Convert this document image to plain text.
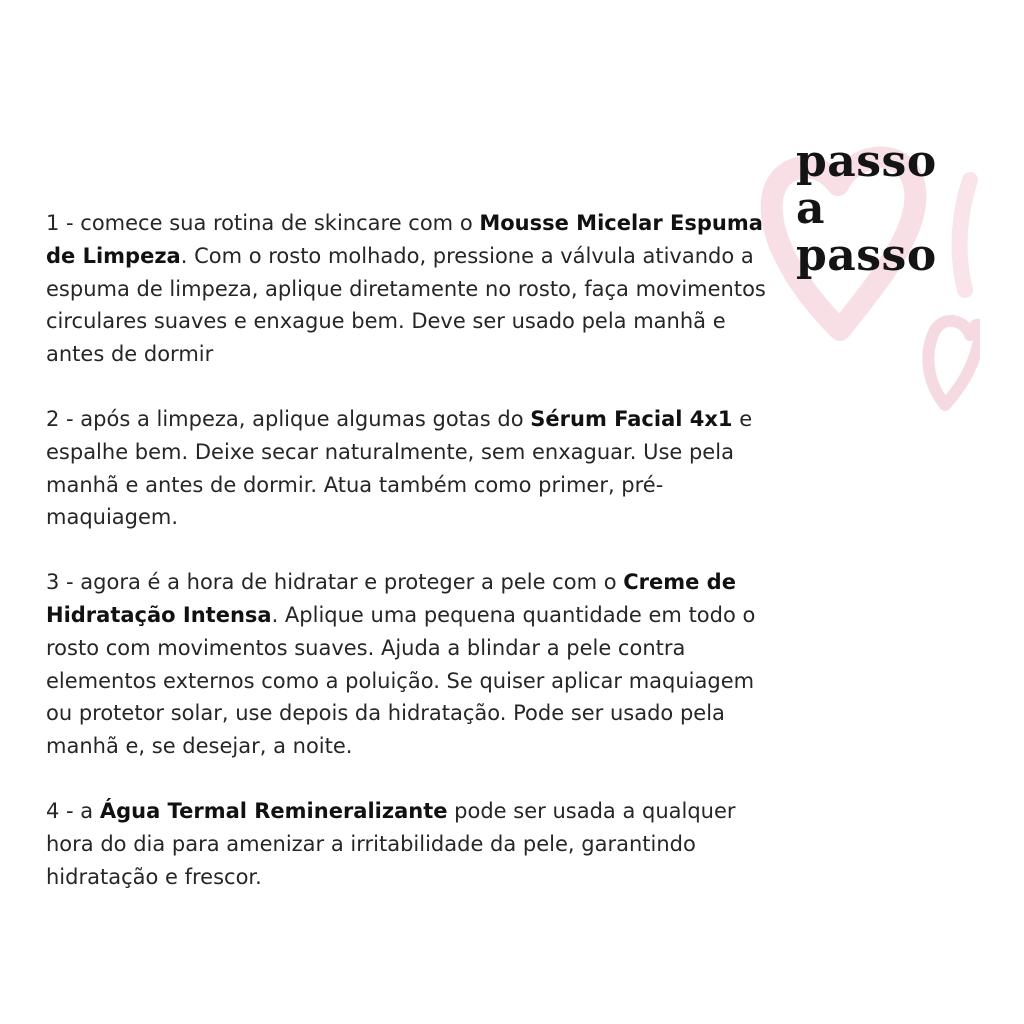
passo
a
passo

1 - comece sua rotina de skincare com o Mousse Micelar Espuma de Limpeza. Com o rosto molhado, pressione a válvula ativando a espuma de limpeza, aplique diretamente no rosto, faça movimentos circulares suaves e enxague bem. Deve ser usado pela manhã e antes de dormir

2 - após a limpeza, aplique algumas gotas do Sérum Facial 4x1 e espalhe bem. Deixe secar naturalmente, sem enxaguar. Use pela manhã e antes de dormir. Atua também como primer, pré-maquiagem.

3 - agora é a hora de hidratar e proteger a pele com o Creme de Hidratação Intensa. Aplique uma pequena quantidade em todo o rosto com movimentos suaves. Ajuda a blindar a pele contra elementos externos como a poluição. Se quiser aplicar maquiagem ou protetor solar, use depois da hidratação. Pode ser usado pela manhã e, se desejar, a noite.

4 - a Água Termal Remineralizante pode ser usada a qualquer hora do dia para amenizar a irritabilidade da pele, garantindo hidratação e frescor.
